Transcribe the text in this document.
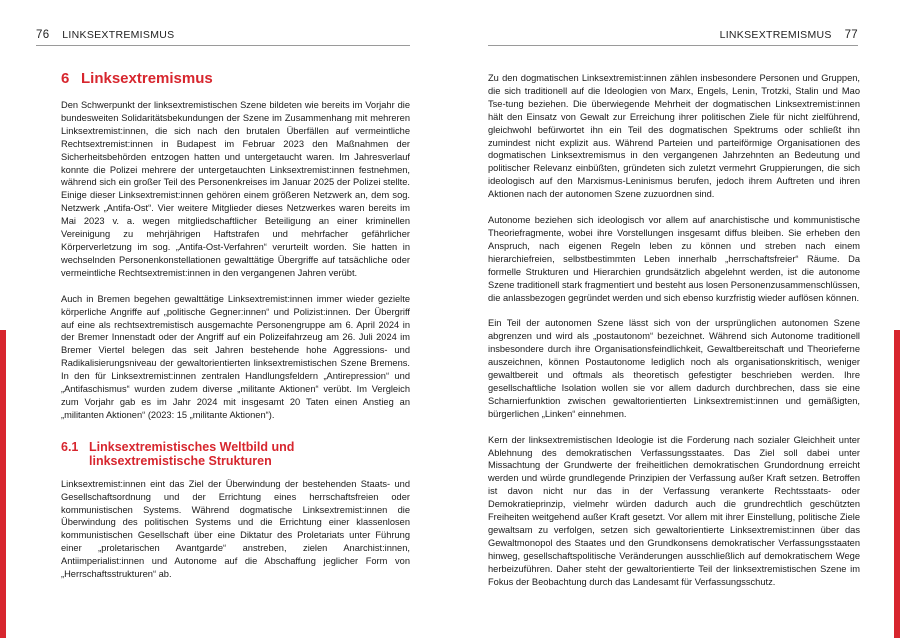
76 LINKSEXTREMISMUS
6 Linksextremismus

Den Schwerpunkt der linksextremistischen Szene bildeten wie bereits im Vorjahr die bundesweiten Solidaritätsbekundungen der Szene im Zusammenhang mit mehreren Linksextremist:innen, die sich nach den brutalen Überfällen auf vermeintliche Rechtsextremist:innen in Budapest im Februar 2023 den Maßnahmen der Sicherheitsbehörden entzogen hatten und untergetaucht waren. Im Jahresverlauf konnte die Polizei mehrere der untergetauchten Linksextremist:innen festnehmen, während sich ein großer Teil des Personenkreises im Januar 2025 der Polizei stellte. Einige dieser Linksextremist:innen gehören einem größeren Netzwerk an, dem sog. Netzwerk „Antifa-Ost“. Vier weitere Mitglieder dieses Netzwerkes waren bereits im Mai 2023 v. a. wegen mitgliedschaftlicher Beteiligung an einer kriminellen Vereinigung zu mehrjährigen Haftstrafen und mehrfacher gefährlicher Körperverletzung im sog. „Antifa-Ost-Verfahren“ verurteilt worden. Sie hatten in wechselnden Personenkonstellationen gewalttätige Übergriffe auf tatsächliche oder vermeintliche Rechtsextremist:innen in den vergangenen Jahren verübt.

Auch in Bremen begehen gewalttätige Linksextremist:innen immer wieder gezielte körperliche Angriffe auf „politische Gegner:innen“ und Polizist:innen. Der Übergriff auf eine als rechtsextremistisch ausgemachte Personengruppe am 6. April 2024 in der Bremer Innenstadt oder der Angriff auf ein Polizeifahrzeug am 26. Juli 2024 im Bremer Viertel belegen das seit Jahren bestehende hohe Aggressions- und Radikalisierungsniveau der gewaltorientierten linksextremistischen Szene Bremens. In den für Linksextremist:innen zentralen Handlungsfeldern „Antirepression“ und „Antifaschismus“ wurden zudem diverse „militante Aktionen“ verübt. Im Vergleich zum Vorjahr gab es im Jahr 2024 mit insgesamt 20 Taten einen Anstieg an „militanten Aktionen“ (2023: 15 „militante Aktionen“).

6.1 Linksextremistisches Weltbild und linksextremistische Strukturen

Linksextremist:innen eint das Ziel der Überwindung der bestehenden Staats- und Gesellschaftsordnung und der Errichtung eines herrschaftsfreien oder kommunistischen Systems. Während dogmatische Linksextremist:innen die Überwindung des politischen Systems und die Errichtung einer klassenlosen kommunistischen Gesellschaft über eine Diktatur des Proletariats unter Führung einer „proletarischen Avantgarde“ anstreben, zielen Anarchist:innen, Antiimperialist:innen und Autonome auf die Abschaffung jeglicher Form von „Herrschaftsstrukturen“ ab.

LINKSEXTREMISMUS 77

Zu den dogmatischen Linksextremist:innen zählen insbesondere Personen und Gruppen, die sich traditionell auf die Ideologien von Marx, Engels, Lenin, Trotzki, Stalin und Mao Tse-tung beziehen. Die überwiegende Mehrheit der dogmatischen Linksextremist:innen hält den Einsatz von Gewalt zur Erreichung ihrer politischen Ziele für nicht zielführend, gleichwohl befürwortet ihn ein Teil des dogmatischen Spektrums oder schließt ihn zumindest nicht explizit aus. Während Parteien und parteiförmige Organisationen des dogmatischen Linksextremismus in den vergangenen Jahrzehnten an Bedeutung und politischer Relevanz einbüßten, gründeten sich zuletzt vermehrt Gruppierungen, die sich ideologisch auf den Marxismus-Leninismus berufen, jedoch ihrem Auftreten und ihren Aktionen nach der autonomen Szene zuzuordnen sind.

Autonome beziehen sich ideologisch vor allem auf anarchistische und kommunistische Theoriefragmente, wobei ihre Vorstellungen insgesamt diffus bleiben. Sie erheben den Anspruch, nach eigenen Regeln leben zu können und streben nach einem hierarchiefreien, selbstbestimmten Leben innerhalb „herrschaftsfreier“ Räume. Da formelle Strukturen und Hierarchien grundsätzlich abgelehnt werden, ist die autonome Szene traditionell stark fragmentiert und besteht aus losen Personenzusammenschlüssen, die anlassbezogen gegründet werden und sich ebenso kurzfristig wieder auflösen können.

Ein Teil der autonomen Szene lässt sich von der ursprünglichen autonomen Szene abgrenzen und wird als „postautonom“ bezeichnet. Während sich Autonome traditionell insbesondere durch ihre Organisationsfeindlichkeit, Gewaltbereitschaft und Theorieferne auszeichnen, können Postautonome lediglich noch als organisationskritisch, weniger gewaltbereit und oftmals als theoretisch gefestigter beschrieben werden. Ihre gesellschaftliche Isolation wollen sie vor allem dadurch durchbrechen, dass sie eine Scharnierfunktion zwischen gewaltorientierten Linksextremist:innen und gemäßigten, bürgerlichen „Linken“ einnehmen.

Kern der linksextremistischen Ideologie ist die Forderung nach sozialer Gleichheit unter Ablehnung des demokratischen Verfassungsstaates. Das Ziel soll dabei unter Missachtung der Grundwerte der freiheitlichen demokratischen Grundordnung erreicht werden und würde grundlegende Prinzipien der Verfassung außer Kraft setzen. Betroffen ist davon nicht nur das in der Verfassung verankerte Rechtsstaats- oder Demokratieprinzip, vielmehr würden dadurch auch die grundrechtlich geschützten Freiheiten weitgehend außer Kraft gesetzt. Vor allem mit ihrer Einstellung, politische Ziele gewaltsam zu verfolgen, setzen sich gewaltorientierte Linksextremist:innen über das Gewaltmonopol des Staates und den Grundkonsens demokratischer Verfassungsstaaten hinweg, gesellschaftspolitische Veränderungen ausschließlich auf demokratischem Wege herbeizuführen. Daher steht der gewaltorientierte Teil der linksextremistischen Szene im Fokus der Beobachtung durch das Landesamt für Verfassungsschutz.
